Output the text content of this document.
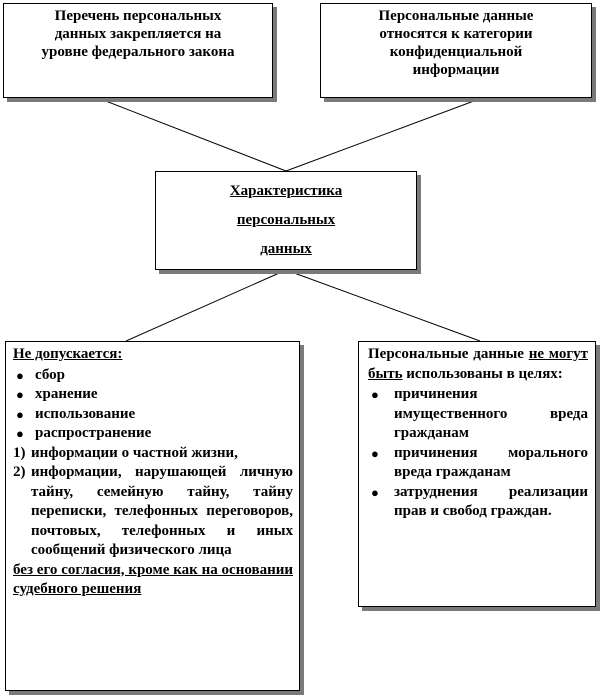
Перечень персональных
данных закрепляется на
уровне федерального закона
Персональные данные
относятся к категории
конфиденциальной
информации
Характеристика
персональных
данных
Не допускается:
● сбор
● хранение
● использование
● распространение
1) информации о частной жизни,
2) информации, нарушающей личную тайну, семейную тайну, тайну переписки, телефонных переговоров, почтовых, телефонных и иных сообщений физического лица
без его согласия, кроме как на основании судебного решения
Персональные данные не могут быть использованы в целях:
● причинения имущественного вреда гражданам
● причинения морального вреда гражданам
● затруднения реализации прав и свобод граждан.
